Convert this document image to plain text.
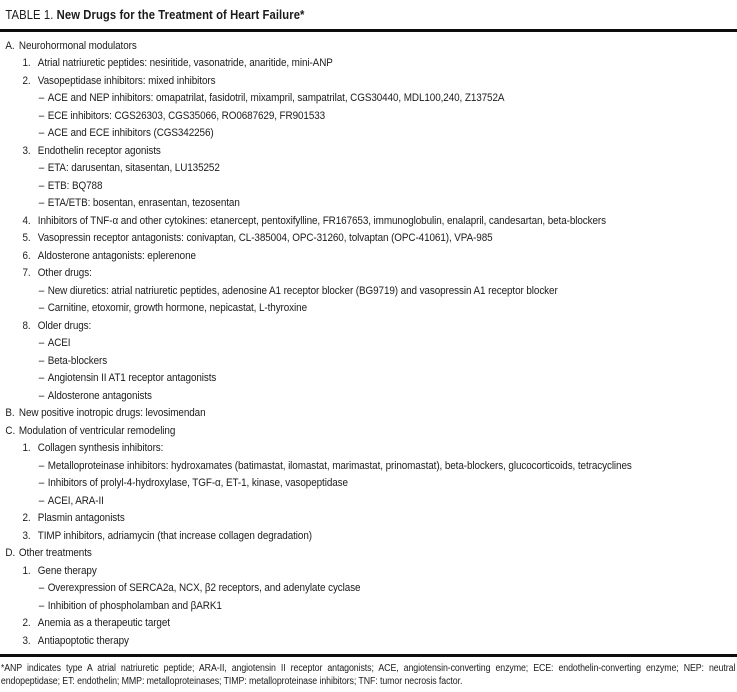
TABLE 1. New Drugs for the Treatment of Heart Failure*
A. Neurohormonal modulators
1. Atrial natriuretic peptides: nesiritide, vasonatride, anaritide, mini-ANP
2. Vasopeptidase inhibitors: mixed inhibitors
– ACE and NEP inhibitors: omapatrilat, fasidotril, mixampril, sampatrilat, CGS30440, MDL100,240, Z13752A
– ECE inhibitors: CGS26303, CGS35066, RO0687629, FR901533
– ACE and ECE inhibitors (CGS342256)
3. Endothelin receptor agonists
– ETA: darusentan, sitasentan, LU135252
– ETB: BQ788
– ETA/ETB: bosentan, enrasentan, tezosentan
4. Inhibitors of TNF-α and other cytokines: etanercept, pentoxifylline, FR167653, immunoglobulin, enalapril, candesartan, beta-blockers
5. Vasopressin receptor antagonists: conivaptan, CL-385004, OPC-31260, tolvaptan (OPC-41061), VPA-985
6. Aldosterone antagonists: eplerenone
7. Other drugs:
– New diuretics: atrial natriuretic peptides, adenosine A1 receptor blocker (BG9719) and vasopressin A1 receptor blocker
– Carnitine, etoxomir, growth hormone, nepicastat, L-thyroxine
8. Older drugs:
– ACEI
– Beta-blockers
– Angiotensin II AT1 receptor antagonists
– Aldosterone antagonists
B. New positive inotropic drugs: levosimendan
C. Modulation of ventricular remodeling
1. Collagen synthesis inhibitors:
– Metalloproteinase inhibitors: hydroxamates (batimastat, ilomastat, marimastat, prinomastat), beta-blockers, glucocorticoids, tetracyclines
– Inhibitors of prolyl-4-hydroxylase, TGF-α, ET-1, kinase, vasopeptidase
– ACEI, ARA-II
2. Plasmin antagonists
3. TIMP inhibitors, adriamycin (that increase collagen degradation)
D. Other treatments
1. Gene therapy
– Overexpression of SERCA2a, NCX, β2 receptors, and adenylate cyclase
– Inhibition of phospholamban and βARK1
2. Anemia as a therapeutic target
3. Antiapoptotic therapy
*ANP indicates type A atrial natriuretic peptide; ARA-II, angiotensin II receptor antagonists; ACE, angiotensin-converting enzyme; ECE: endothelin-converting enzyme; NEP: neutral endopeptidase; ET: endothelin; MMP: metalloproteinases; TIMP: metalloproteinase inhibitors; TNF: tumor necrosis factor.
